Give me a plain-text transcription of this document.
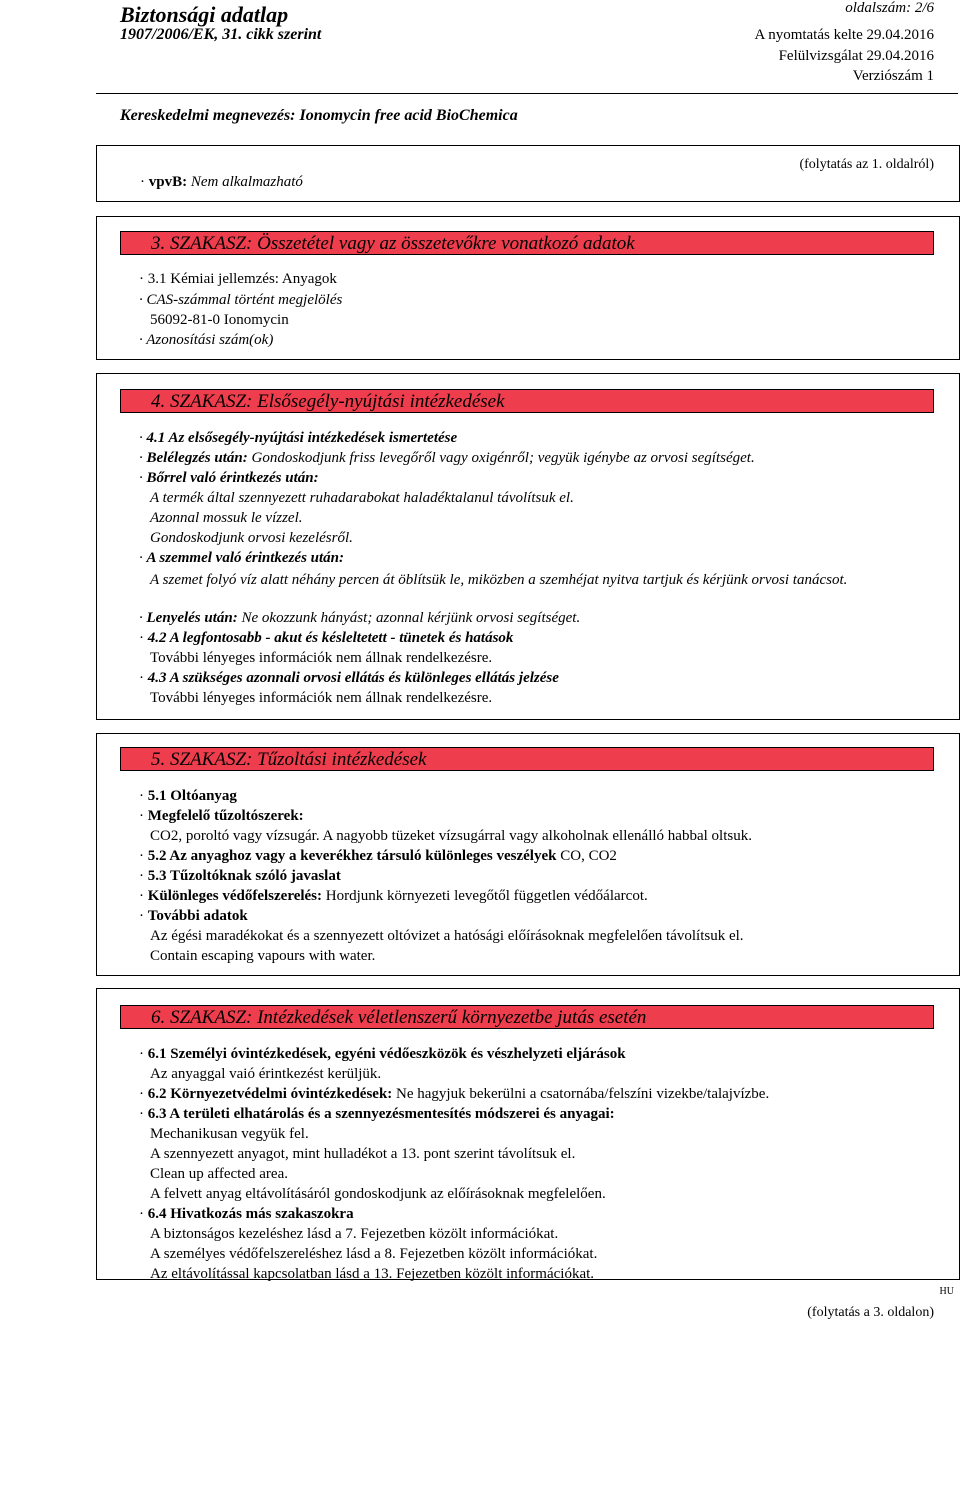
Biztonsági adatlap
1907/2006/EK, 31. cikk szerint
oldalszám: 2/6
A nyomtatás kelte 29.04.2016
Felülvizsgálat 29.04.2016
Verziószám 1
Kereskedelmi megnevezés: Ionomycin free acid BioChemica
(folytatás az 1. oldalról)
· vpvB: Nem alkalmazható
3. SZAKASZ: Összetétel vagy az összetevőkre vonatkozó adatok
· 3.1 Kémiai jellemzés: Anyagok
· CAS-számmal történt megjelölés
56092-81-0 Ionomycin
· Azonosítási szám(ok)
4. SZAKASZ: Elsősegély-nyújtási intézkedések
· 4.1 Az elsősegély-nyújtási intézkedések ismertetése
· Belélegzés után: Gondoskodjunk friss levegőről vagy oxigénről; vegyük igénybe az orvosi segítséget.
· Bőrrel való érintkezés után:
A termék által szennyezett ruhadarabokat haladéktalanul távolítsuk el.
Azonnal mossuk le vízzel.
Gondoskodjunk orvosi kezelésről.
· A szemmel való érintkezés után:
A szemet folyó víz alatt néhány percen át öblítsük le, miközben a szemhéjat nyitva tartjuk és kérjünk orvosi tanácsot.
· Lenyelés után: Ne okozzunk hányást; azonnal kérjünk orvosi segítséget.
· 4.2 A legfontosabb - akut és késleltetett - tünetek és hatások
További lényeges információk nem állnak rendelkezésre.
· 4.3 A szükséges azonnali orvosi ellátás és különleges ellátás jelzése
További lényeges információk nem állnak rendelkezésre.
5. SZAKASZ: Tűzoltási intézkedések
· 5.1 Oltóanyag
· Megfelelő tűzoltószerek:
CO2, poroltó vagy vízsugár. A nagyobb tüzeket vízsugárral vagy alkoholnak ellenálló habbal oltsuk.
· 5.2 Az anyaghoz vagy a keverékhez társuló különleges veszélyek CO, CO2
· 5.3 Tűzoltóknak szóló javaslat
· Különleges védőfelszerelés: Hordjunk környezeti levegőtől független védőálarcot.
· További adatok
Az égési maradékokat és a szennyezett oltóvizet a hatósági előírásoknak megfelelően távolítsuk el.
Contain escaping vapours with water.
6. SZAKASZ: Intézkedések véletlenszerű környezetbe jutás esetén
· 6.1 Személyi óvintézkedések, egyéni védőeszközök és vészhelyzeti eljárások
Az anyaggal vaió érintkezést kerüljük.
· 6.2 Környezetvédelmi óvintézkedések: Ne hagyjuk bekerülni a csatornába/felszíni vizekbe/talajvízbe.
· 6.3 A területi elhatárolás és a szennyezésmentesítés módszerei és anyagai:
Mechanikusan vegyük fel.
A szennyezett anyagot, mint hulladékot a 13. pont szerint távolítsuk el.
Clean up affected area.
A felvett anyag eltávolításáról gondoskodjunk az előírásoknak megfelelően.
· 6.4 Hivatkozás más szakaszokra
A biztonságos kezeléshez lásd a 7. Fejezetben közölt információkat.
A személyes védőfelszereléshez lásd a 8. Fejezetben közölt információkat.
Az eltávolítással kapcsolatban lásd a 13. Fejezetben közölt információkat.
HU
(folytatás a 3. oldalon)
